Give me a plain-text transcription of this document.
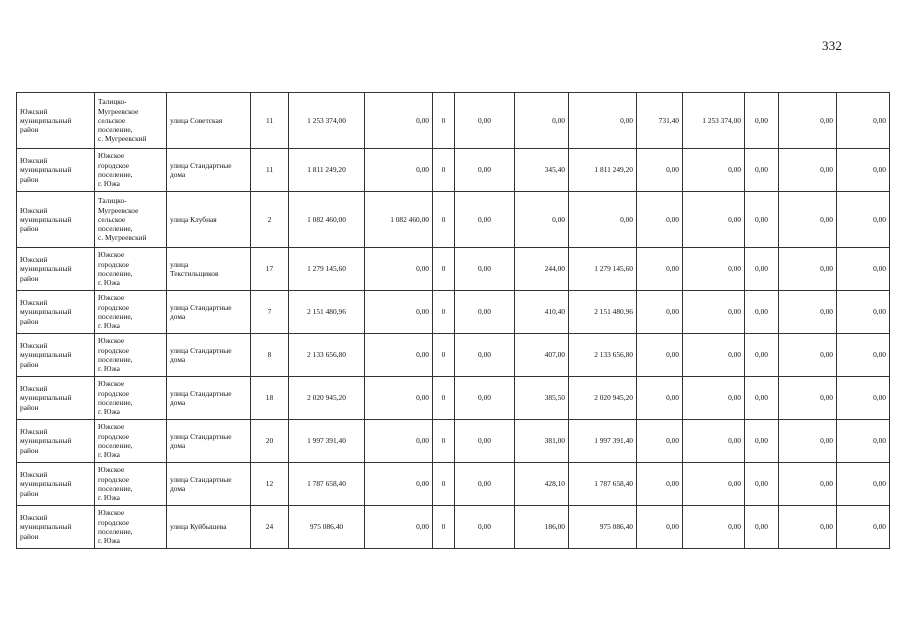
332
Южский
муниципальный
район	Талицко-
Мугреевское
сельское
поселение,
с. Мугреевский	улица Советская	11	1 253 374,00	0,00	0	0,00	0,00	0,00	731,40	1 253 374,00	0,00	0,00	0,00

Южский
муниципальный
район	Южское
городское
поселение,
г. Южа	улица Стандартные
дома	11	1 811 249,20	0,00	0	0,00	345,40	1 811 249,20	0,00	0,00	0,00	0,00	0,00

Южский
муниципальный
район	Талицко-
Мугреевское
сельское
поселение,
с. Мугреевский	улица Клубная	2	1 082 460,00	1 082 460,00	0	0,00	0,00	0,00	0,00	0,00	0,00	0,00	0,00

Южский
муниципальный
район	Южское
городское
поселение,
г. Южа	улица
Текстильщиков	17	1 279 145,60	0,00	0	0,00	244,00	1 279 145,60	0,00	0,00	0,00	0,00	0,00

Южский
муниципальный
район	Южское
городское
поселение,
г. Южа	улица Стандартные
дома	7	2 151 480,96	0,00	0	0,00	410,40	2 151 480,96	0,00	0,00	0,00	0,00	0,00

Южский
муниципальный
район	Южское
городское
поселение,
г. Южа	улица Стандартные
дома	8	2 133 656,80	0,00	0	0,00	407,00	2 133 656,80	0,00	0,00	0,00	0,00	0,00

Южский
муниципальный
район	Южское
городское
поселение,
г. Южа	улица Стандартные
дома	18	2 020 945,20	0,00	0	0,00	385,50	2 020 945,20	0,00	0,00	0,00	0,00	0,00

Южский
муниципальный
район	Южское
городское
поселение,
г. Южа	улица Стандартные
дома	20	1 997 391,40	0,00	0	0,00	381,00	1 997 391,40	0,00	0,00	0,00	0,00	0,00

Южский
муниципальный
район	Южское
городское
поселение,
г. Южа	улица Стандартные
дома	12	1 787 658,40	0,00	0	0,00	428,10	1 787 658,40	0,00	0,00	0,00	0,00	0,00

Южский
муниципальный
район	Южское
городское
поселение,
г. Южа	улица Куйбышева	24	975 086,40	0,00	0	0,00	186,00	975 086,40	0,00	0,00	0,00	0,00	0,00
